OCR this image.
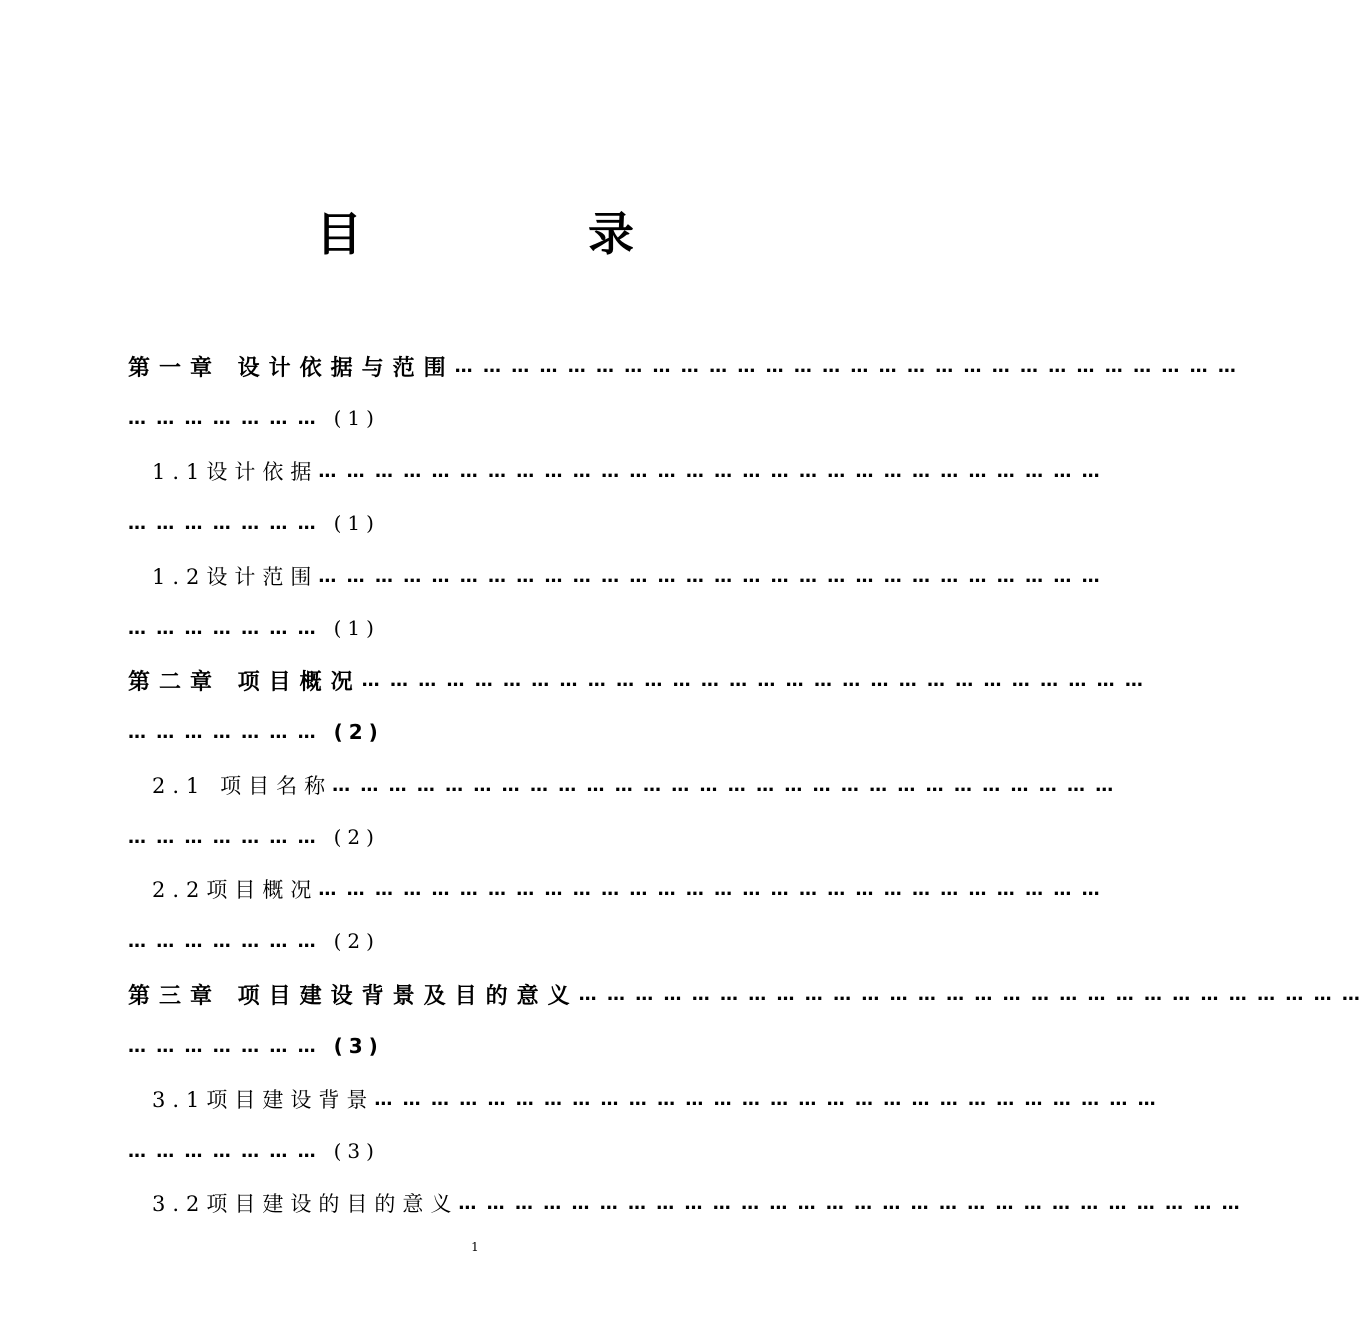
目　录
第一章 设计依据与范围 … … … … … … … … … … … … … … … … … … … … … … … … … … … …
… … … … … … … (1)
1.1设计依据 … … … … … … … … … … … … … … … … … … … … … … … … … … … …
… … … … … … … (1)
1.2设计范围 … … … … … … … … … … … … … … … … … … … … … … … … … … … …
… … … … … … … (1)
第二章 项目概况 … … … … … … … … … … … … … … … … … … … … … … … … … … … …
… … … … … … … (2)
2.1 项目名称 … … … … … … … … … … … … … … … … … … … … … … … … … … … …
… … … … … … … (2)
2.2项目概况 … … … … … … … … … … … … … … … … … … … … … … … … … … … …
… … … … … … … (2)
第三章 项目建设背景及目的意义 … … … … … … … … … … … … … … … … … … … … … … … … … … … …
… … … … … … … (3)
3.1项目建设背景 … … … … … … … … … … … … … … … … … … … … … … … … … … … …
… … … … … … … (3)
3.2项目建设的目的意义 … … … … … … … … … … … … … … … … … … … … … … … … … … … …
1
